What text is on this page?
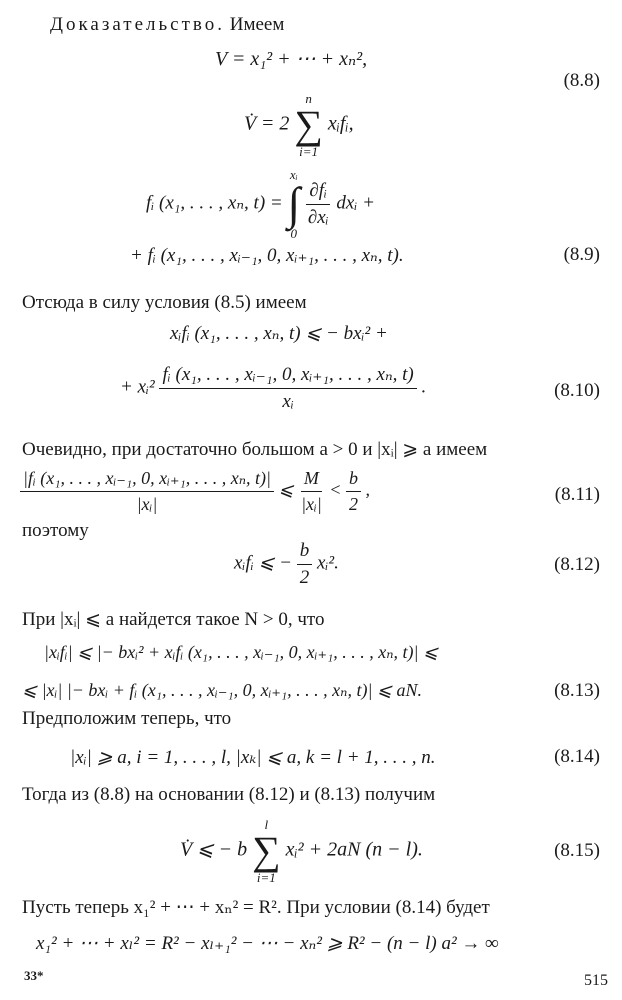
Доказательство. Имеем
V = x₁² + ⋯ + xₙ²,
(8.8)
V̇ = 2
n
∑
i=1
xᵢfᵢ,
fᵢ (x₁, . . . , xₙ, t) =
xᵢ
∫
0

$\frac{\text{∂fᵢ}}{\text{∂xᵢ}}$ dxᵢ +
+ fᵢ (x₁, . . . , xᵢ₋₁, 0, xᵢ₊₁, . . . , xₙ, t).	(8.9)
Отсюда в силу условия (8.5) имеем
xᵢfᵢ (x₁, . . . , xₙ, t) ⩽ − bxᵢ² +
+ xᵢ² $\frac{\text{fᵢ (x₁, . . . , xᵢ₋₁, 0, xᵢ₊₁, . . . , xₙ, t)}}{\text{xᵢ}}$ .	(8.10)
Очевидно, при достаточно большом a > 0 и |xᵢ| ⩾ a имеем
$\frac{\text{|fᵢ (x₁, . . . , xᵢ₋₁, 0, xᵢ₊₁, . . . , xₙ, t)|}}{\text{|xᵢ|}}$ ⩽ $\frac{M}{\text{|xᵢ|}} < \frac{b}{2}$ ,	(8.11)
поэтому
xᵢfᵢ ⩽ − $\frac{b}{2}$ xᵢ².	(8.12)
При |xᵢ| ⩽ a найдется такое N > 0, что
|xᵢfᵢ| ⩽ |− bxᵢ² + xᵢfᵢ (x₁, . . . , xᵢ₋₁, 0, xᵢ₊₁, . . . , xₙ, t)| ⩽
⩽ |xᵢ| |− bxᵢ + fᵢ (x₁, . . . , xᵢ₋₁, 0, xᵢ₊₁, . . . , xₙ, t)| ⩽ aN.	(8.13)
Предположим теперь, что
|xᵢ| ⩾ a, i = 1, . . . , l, |xₖ| ⩽ a, k = l + 1, . . . , n.	(8.14)
Тогда из (8.8) на основании (8.12) и (8.13) получим
V̇ ⩽ − b
l
∑
i=1
xᵢ² + 2aN (n − l).	(8.15)
Пусть теперь x₁² + ⋯ + xₙ² = R². При условии (8.14) будет
x₁² + ⋯ + xₗ² = R² − xₗ₊₁² − ⋯ − xₙ² ⩾ R² − (n − l) a² → ∞
33*	515
